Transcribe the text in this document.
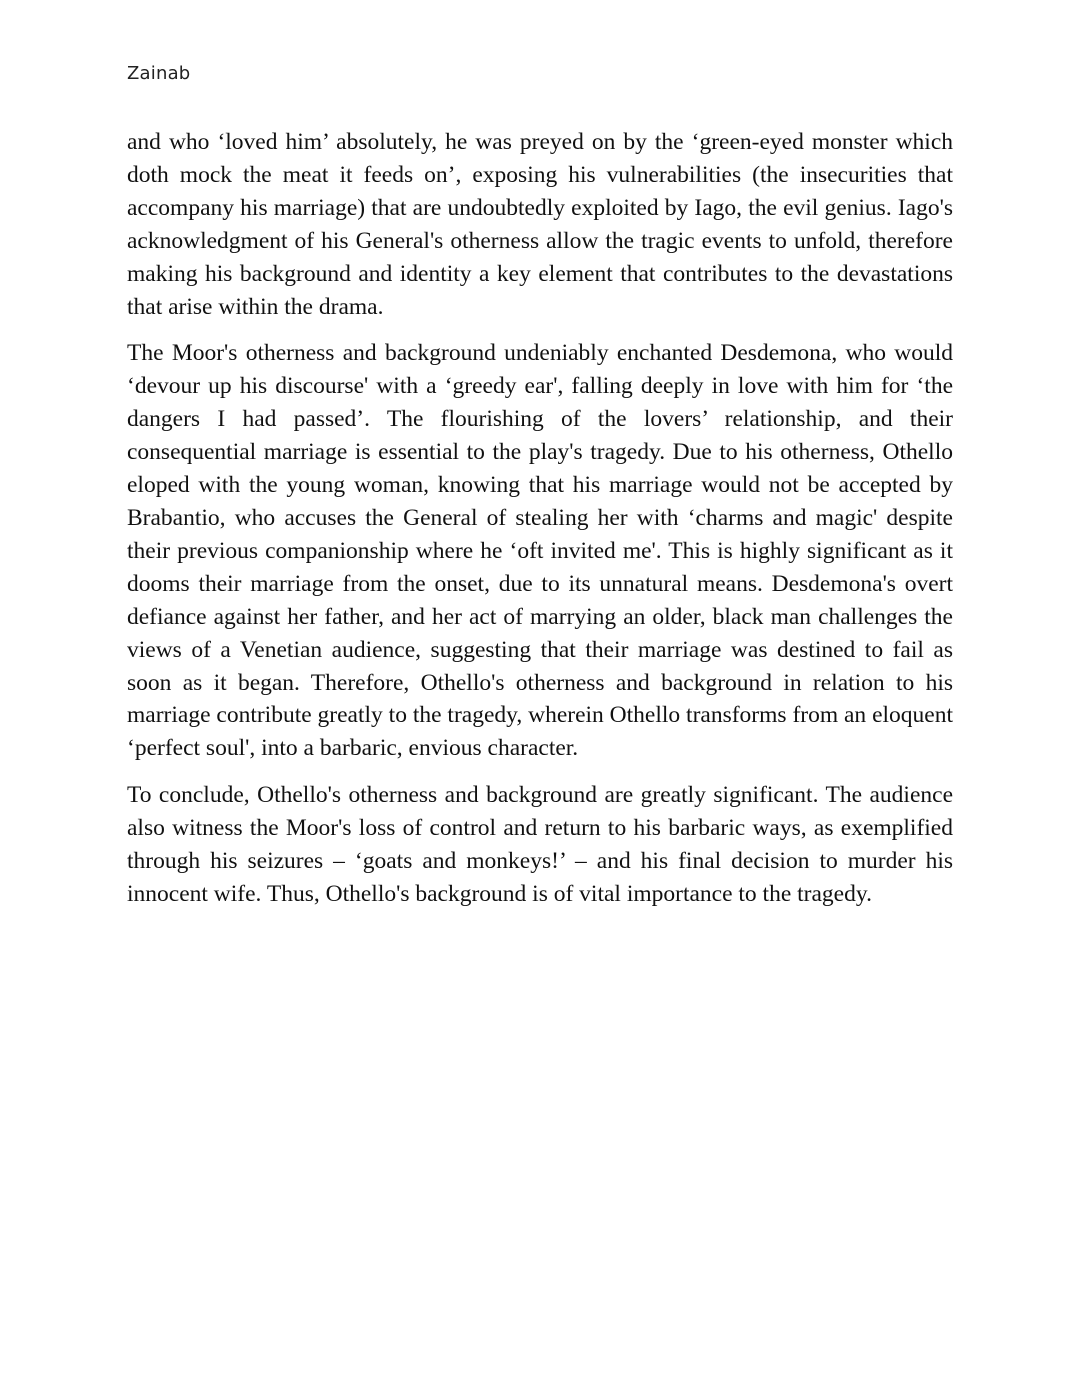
Zainab

and who ‘loved him’ absolutely, he was preyed on by the ‘green-eyed monster which doth mock the meat it feeds on’, exposing his vulnerabilities (the insecurities that accompany his marriage) that are undoubtedly exploited by Iago, the evil genius. Iago's acknowledgment of his General's otherness allow the tragic events to unfold, therefore making his background and identity a key element that contributes to the devastations that arise within the drama.

The Moor's otherness and background undeniably enchanted Desdemona, who would ‘devour up his discourse' with a ‘greedy ear', falling deeply in love with him for ‘the dangers I had passed’. The flourishing of the lovers’ relationship, and their consequential marriage is essential to the play's tragedy. Due to his otherness, Othello eloped with the young woman, knowing that his marriage would not be accepted by Brabantio, who accuses the General of stealing her with ‘charms and magic' despite their previous companionship where he ‘oft invited me'. This is highly significant as it dooms their marriage from the onset, due to its unnatural means. Desdemona's overt defiance against her father, and her act of marrying an older, black man challenges the views of a Venetian audience, suggesting that their marriage was destined to fail as soon as it began. Therefore, Othello's otherness and background in relation to his marriage contribute greatly to the tragedy, wherein Othello transforms from an eloquent ‘perfect soul', into a barbaric, envious character.

To conclude, Othello's otherness and background are greatly significant. The audience also witness the Moor's loss of control and return to his barbaric ways, as exemplified through his seizures – ‘goats and monkeys!’ – and his final decision to murder his innocent wife. Thus, Othello's background is of vital importance to the tragedy.
